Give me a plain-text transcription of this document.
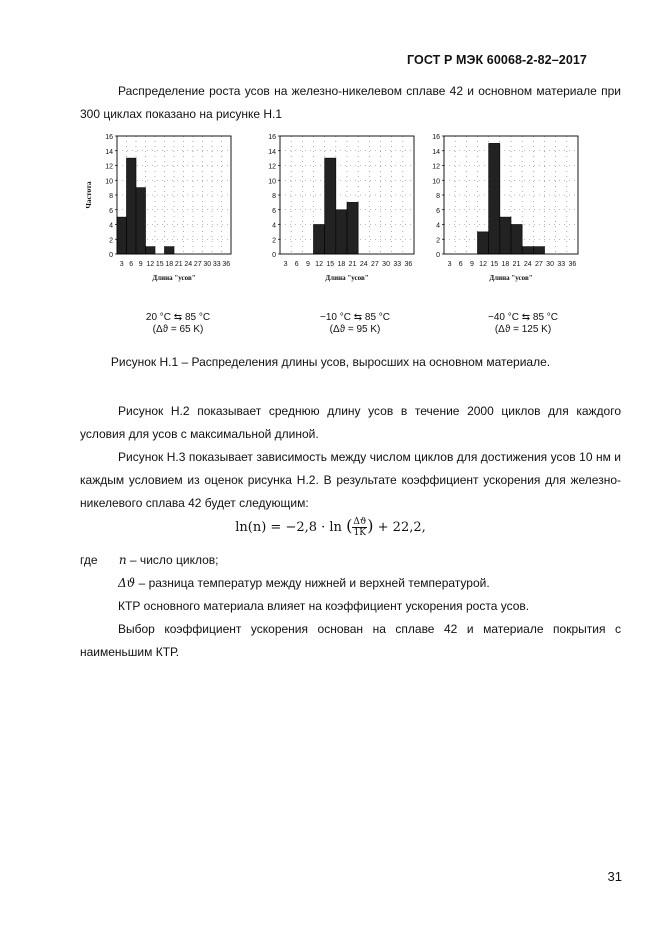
ГОСТ Р МЭК 60068-2-82–2017
Распределение роста усов на железно-никелевом сплаве 42 и основном материале при 300 циклах показано на рисунке Н.1
0
2
4
6
8
10
12
14
16
3 6 9 12 15 18 21 24 27 30 33 36
Длина "усов"
Частота
0
2
4
6
8
10
12
14
16
3 6 9 12 15 18 21 24 27 30 33 36
Длина "усов"
0
2
4
6
8
10
12
14
16
3 6 9 12 15 18 21 24 27 30 33 36
Длина "усов"
20 °C ⇆ 85 °C
(Δϑ = 65 K)
−10 °C ⇆ 85 °C
(Δϑ = 95 K)
−40 °C ⇆ 85 °C
(Δϑ = 125 K)
Рисунок Н.1 – Распределения длины усов, выросших на основном материале.
Рисунок Н.2 показывает среднюю длину усов в течение 2000 циклов для каждого условия для усов с максимальной длиной.
Рисунок Н.3 показывает зависимость между числом циклов для достижения усов 10 нм и каждым условием из оценок рисунка Н.2. В результате коэффициент ускорения для железно-никелевого сплава 42 будет следующим:
ln(n) = −2,8 · ln ( $\frac{\Delta ϑ}{1K}$ ) + 22,2,
где n – число циклов;
Δϑ – разница температур между нижней и верхней температурой.
КТР основного материала влияет на коэффициент ускорения роста усов.
Выбор коэффициент ускорения основан на сплаве 42 и материале покрытия с наименьшим КТР.
31
